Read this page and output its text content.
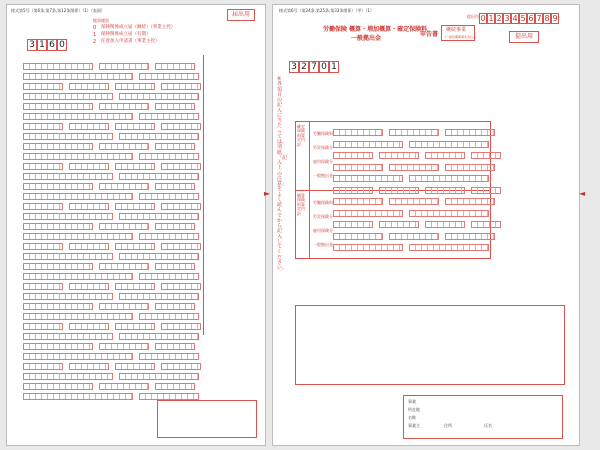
様式第5号（第6条,第7条,第12条関係）（1）（表面）
届出用
帳票種別
3 1 6 0
0 保険関係成立届（継続）（事業主控）
1 保険関係成立届（有期）
2 任意加入申請書（事業主控）
様式第6号（第24条,第25条,第33条関係）（甲）（1）
0 1 2 3 4 5 6 7 8 9
提出用
労働保険 概算・増加概算・確定保険料
一般拠出金
申告書
継続事業
（一括有期事業を含む。）	提出用
3 2 7 0 1
※各項目の記入に当たっては、別紙「記入上の注意」をよく読んでから記入してください。
確定保険料算定内訳
労働保険料
労災保険分
雇用保険分
一般拠出金
概算保険料算定内訳
労働保険料
労災保険分
雇用保険分
一般拠出金
事業
所在地
名称
事業主	住所	氏名
►	◄
